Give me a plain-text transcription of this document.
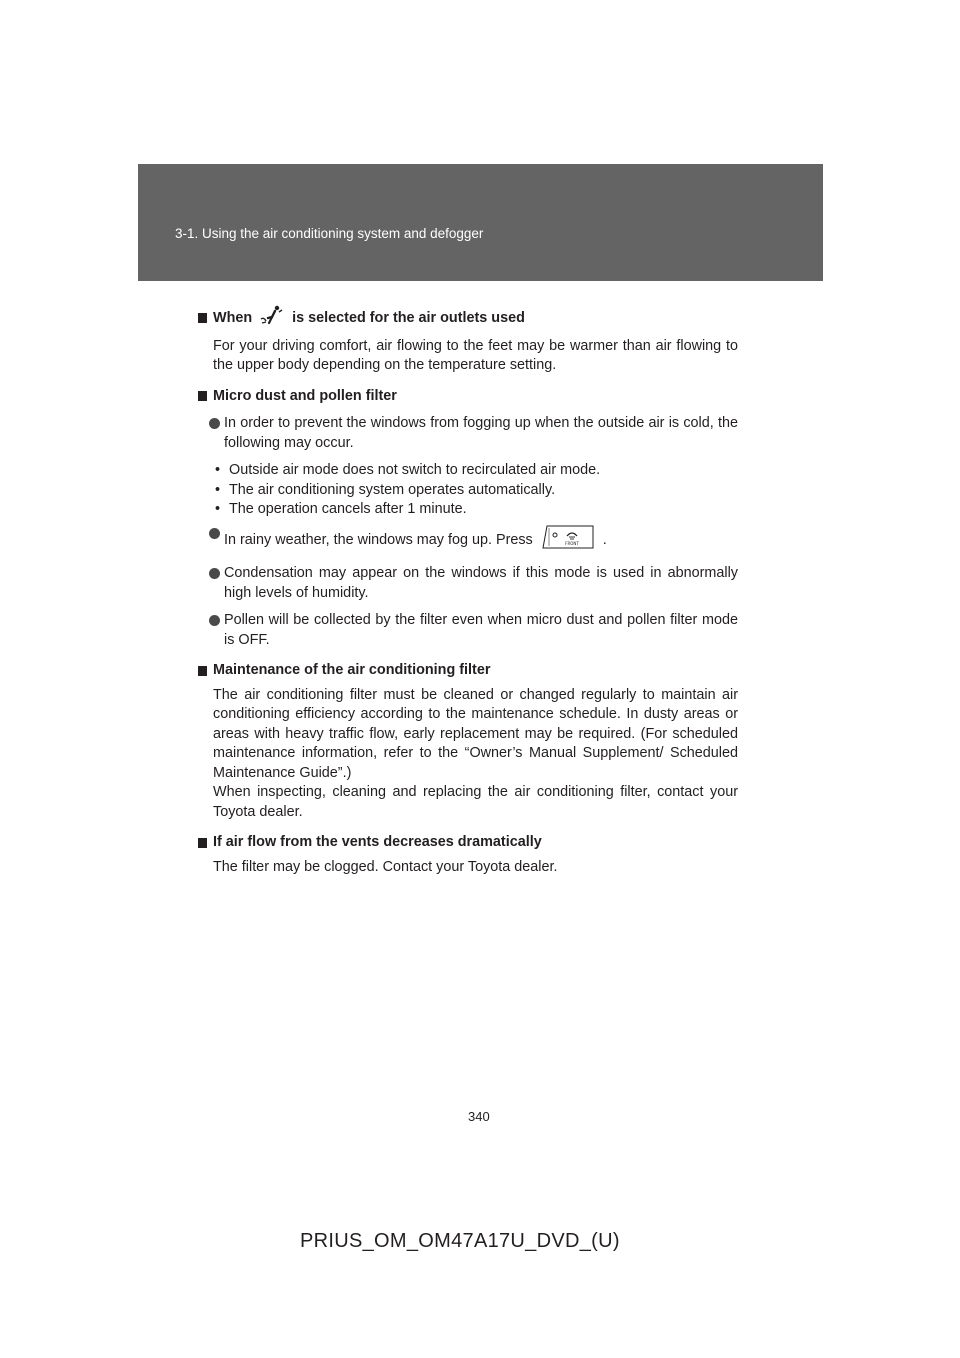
3-1. Using the air conditioning system and defogger

When	is selected for the air outlets used

For your driving comfort, air flowing to the feet may be warmer than air flowing to the upper body depending on the temperature setting.

Micro dust and pollen filter

In order to prevent the windows from fogging up when the outside air is cold, the following may occur.
• Outside air mode does not switch to recirculated air mode.
• The air conditioning system operates automatically.
• The operation cancels after 1 minute.
In rainy weather, the windows may fog up. Press	FRONT .
Condensation may appear on the windows if this mode is used in abnormally high levels of humidity.
Pollen will be collected by the filter even when micro dust and pollen filter mode is OFF.

Maintenance of the air conditioning filter

The air conditioning filter must be cleaned or changed regularly to maintain air conditioning efficiency according to the maintenance schedule. In dusty areas or areas with heavy traffic flow, early replacement may be required. (For scheduled maintenance information, refer to the “Owner’s Manual Supplement/ Scheduled Maintenance Guide”.)

When inspecting, cleaning and replacing the air conditioning filter, contact your Toyota dealer.

If air flow from the vents decreases dramatically

The filter may be clogged. Contact your Toyota dealer.

340
PRIUS_OM_OM47A17U_DVD_(U)
